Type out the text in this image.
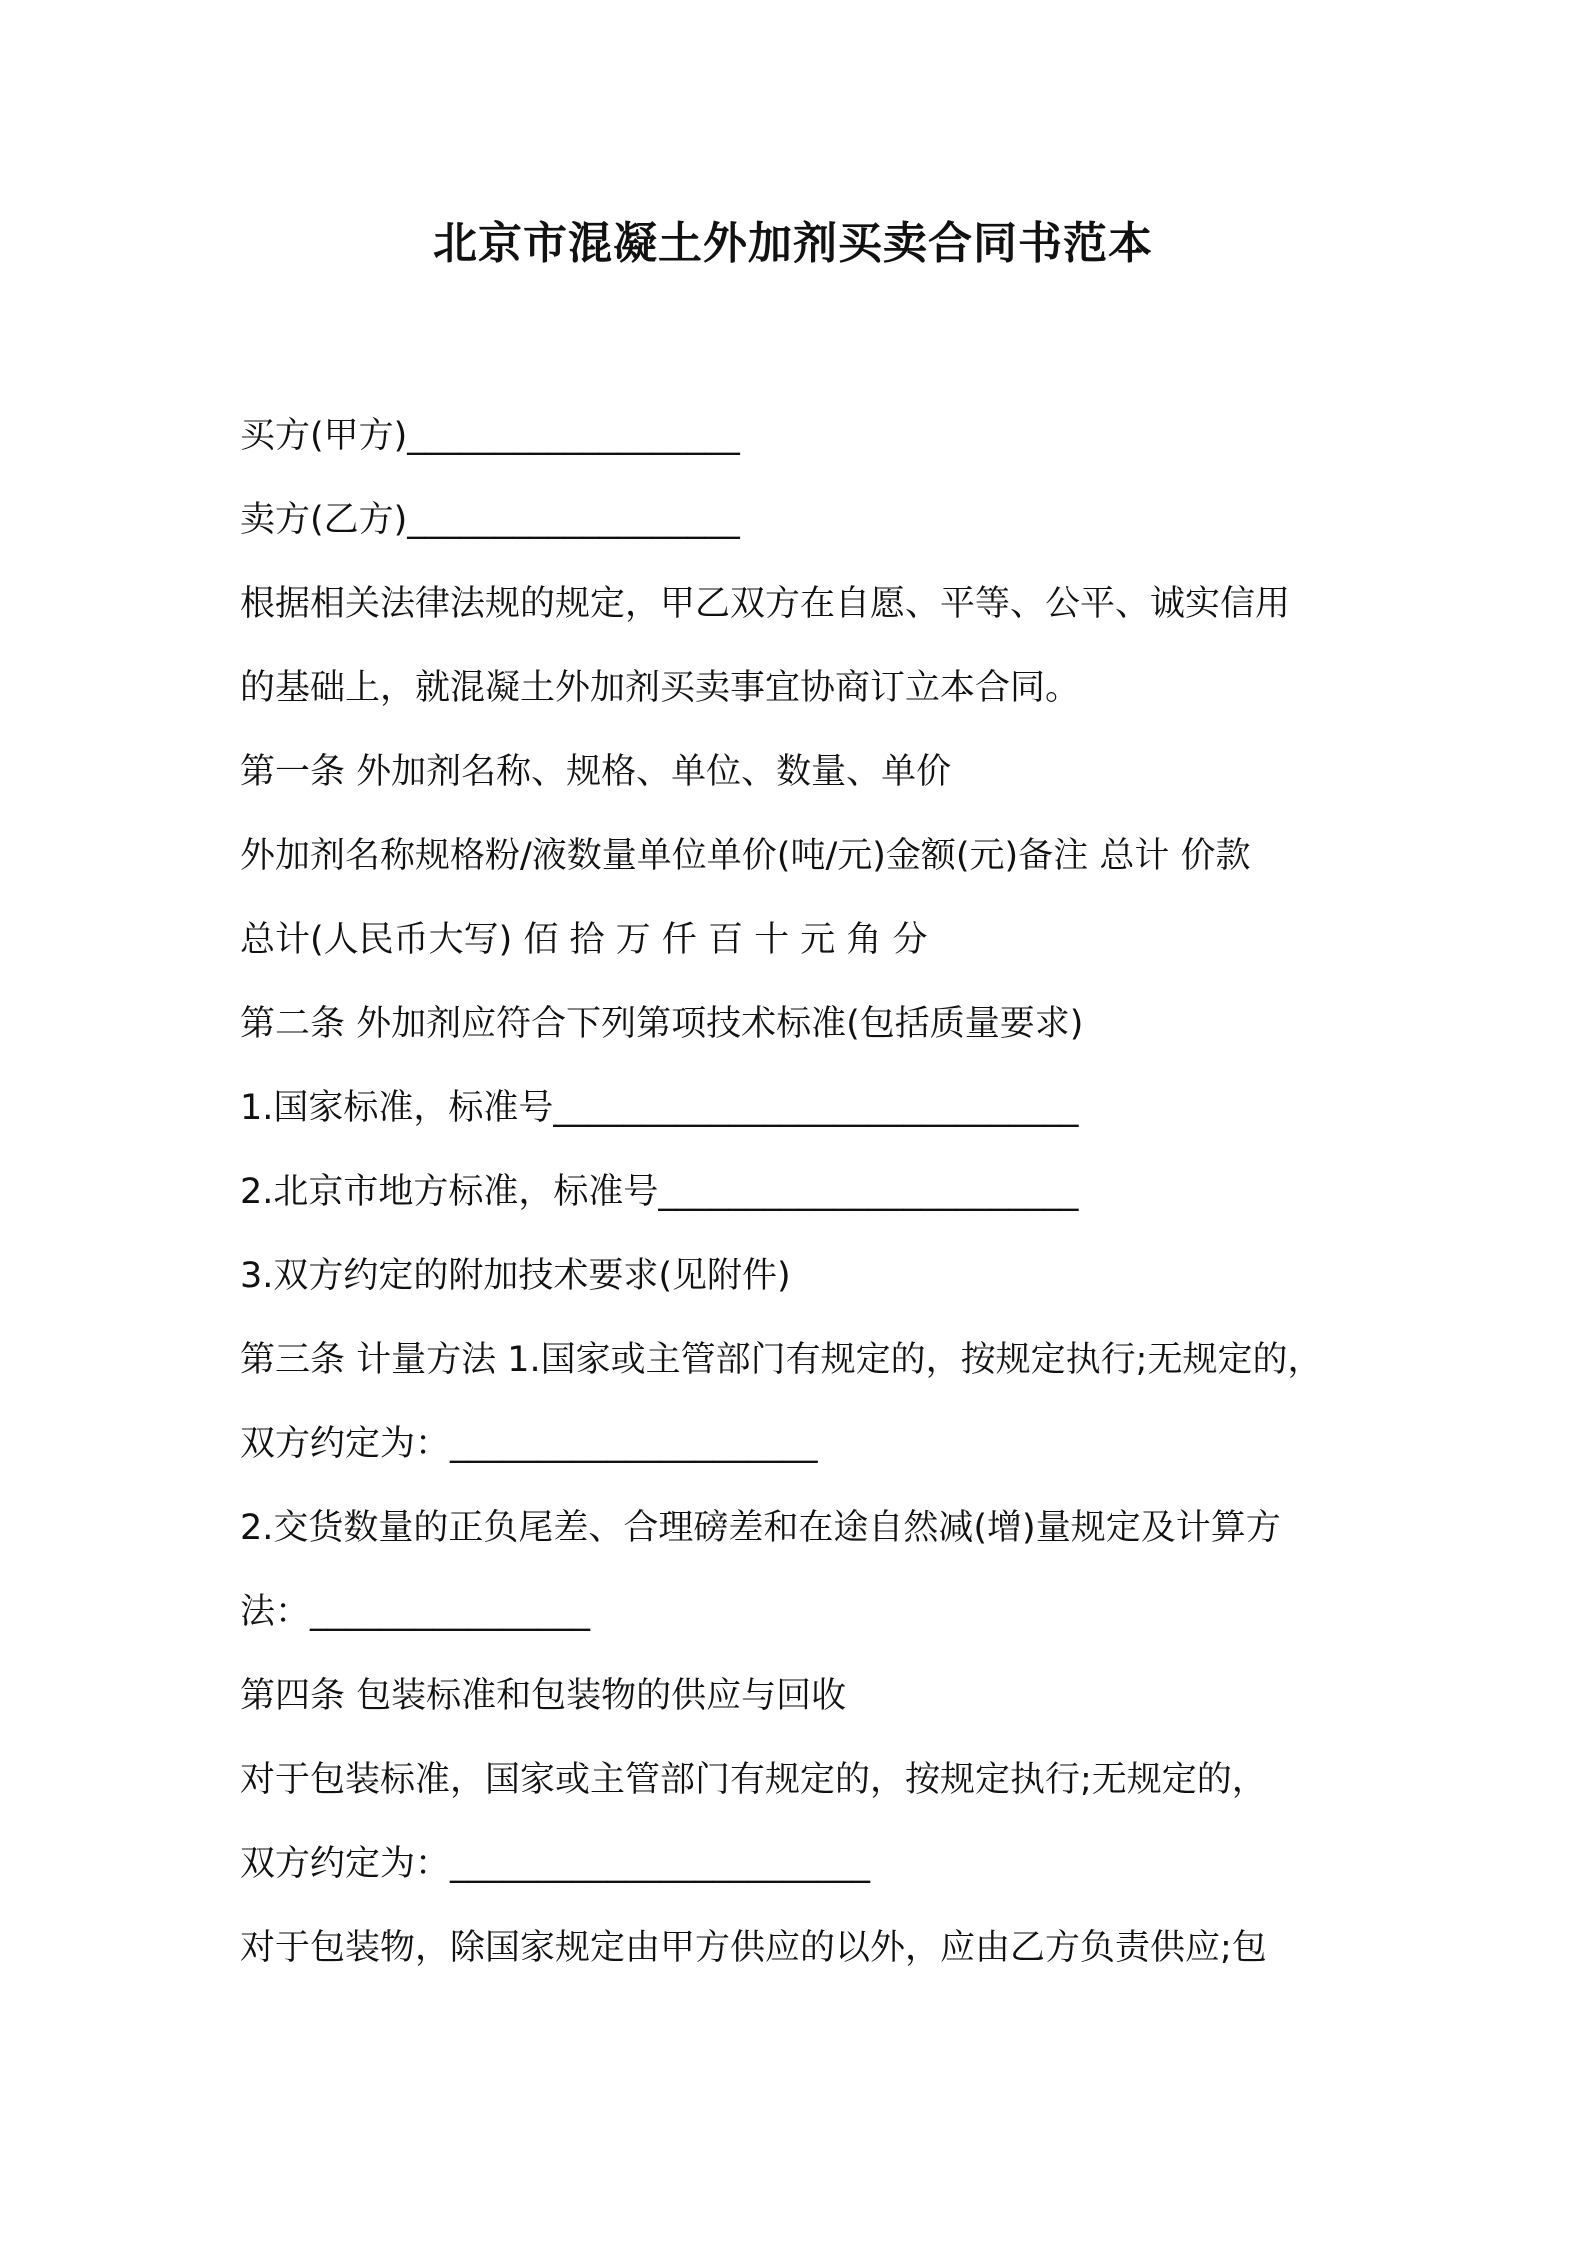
北京市混凝土外加剂买卖合同书范本
买方(甲方)___________________
卖方(乙方)___________________
根据相关法律法规的规定，甲乙双方在自愿、平等、公平、诚实信用
的基础上，就混凝土外加剂买卖事宜协商订立本合同。
第一条 外加剂名称、规格、单位、数量、单价
外加剂名称规格粉/液数量单位单价(吨/元)金额(元)备注 总计 价款
总计(人民币大写) 佰 拾 万 仟 百 十 元 角 分
第二条 外加剂应符合下列第项技术标准(包括质量要求)
1.国家标准，标准号______________________________
2.北京市地方标准，标准号________________________
3.双方约定的附加技术要求(见附件)
第三条 计量方法 1.国家或主管部门有规定的，按规定执行;无规定的，
双方约定为：_____________________
2.交货数量的正负尾差、合理磅差和在途自然减(增)量规定及计算方
法：________________
第四条 包装标准和包装物的供应与回收
对于包装标准，国家或主管部门有规定的，按规定执行;无规定的，
双方约定为：________________________
对于包装物，除国家规定由甲方供应的以外，应由乙方负责供应;包
